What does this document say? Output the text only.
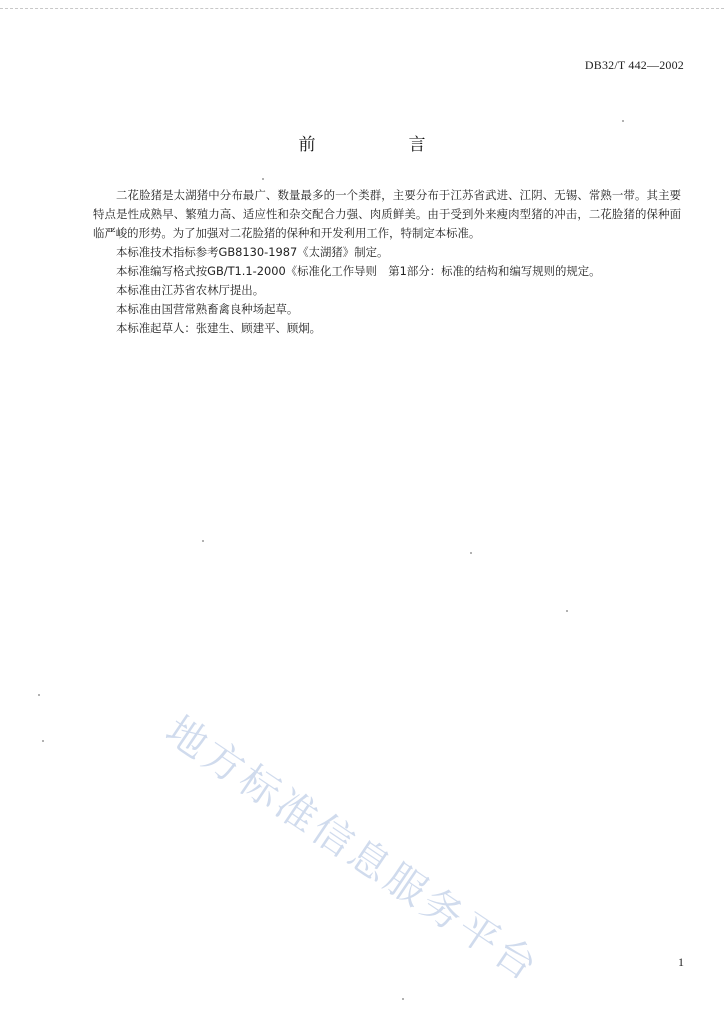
DB32/T 442—2002
前　言

二花脸猪是太湖猪中分布最广、数量最多的一个类群，主要分布于江苏省武进、江阴、无锡、常熟一带。其主要特点是性成熟早、繁殖力高、适应性和杂交配合力强、肉质鲜美。由于受到外来瘦肉型猪的冲击，二花脸猪的保种面临严峻的形势。为了加强对二花脸猪的保种和开发利用工作，特制定本标准。

本标准技术指标参考GB8130-1987《太湖猪》制定。

本标准编写格式按GB/T1.1-2000《标准化工作导则　第1部分：标准的结构和编写规则的规定。

本标准由江苏省农林厅提出。

本标准由国营常熟畜禽良种场起草。

本标准起草人：张建生、顾建平、顾炯。

地方标准信息服务平台	1
